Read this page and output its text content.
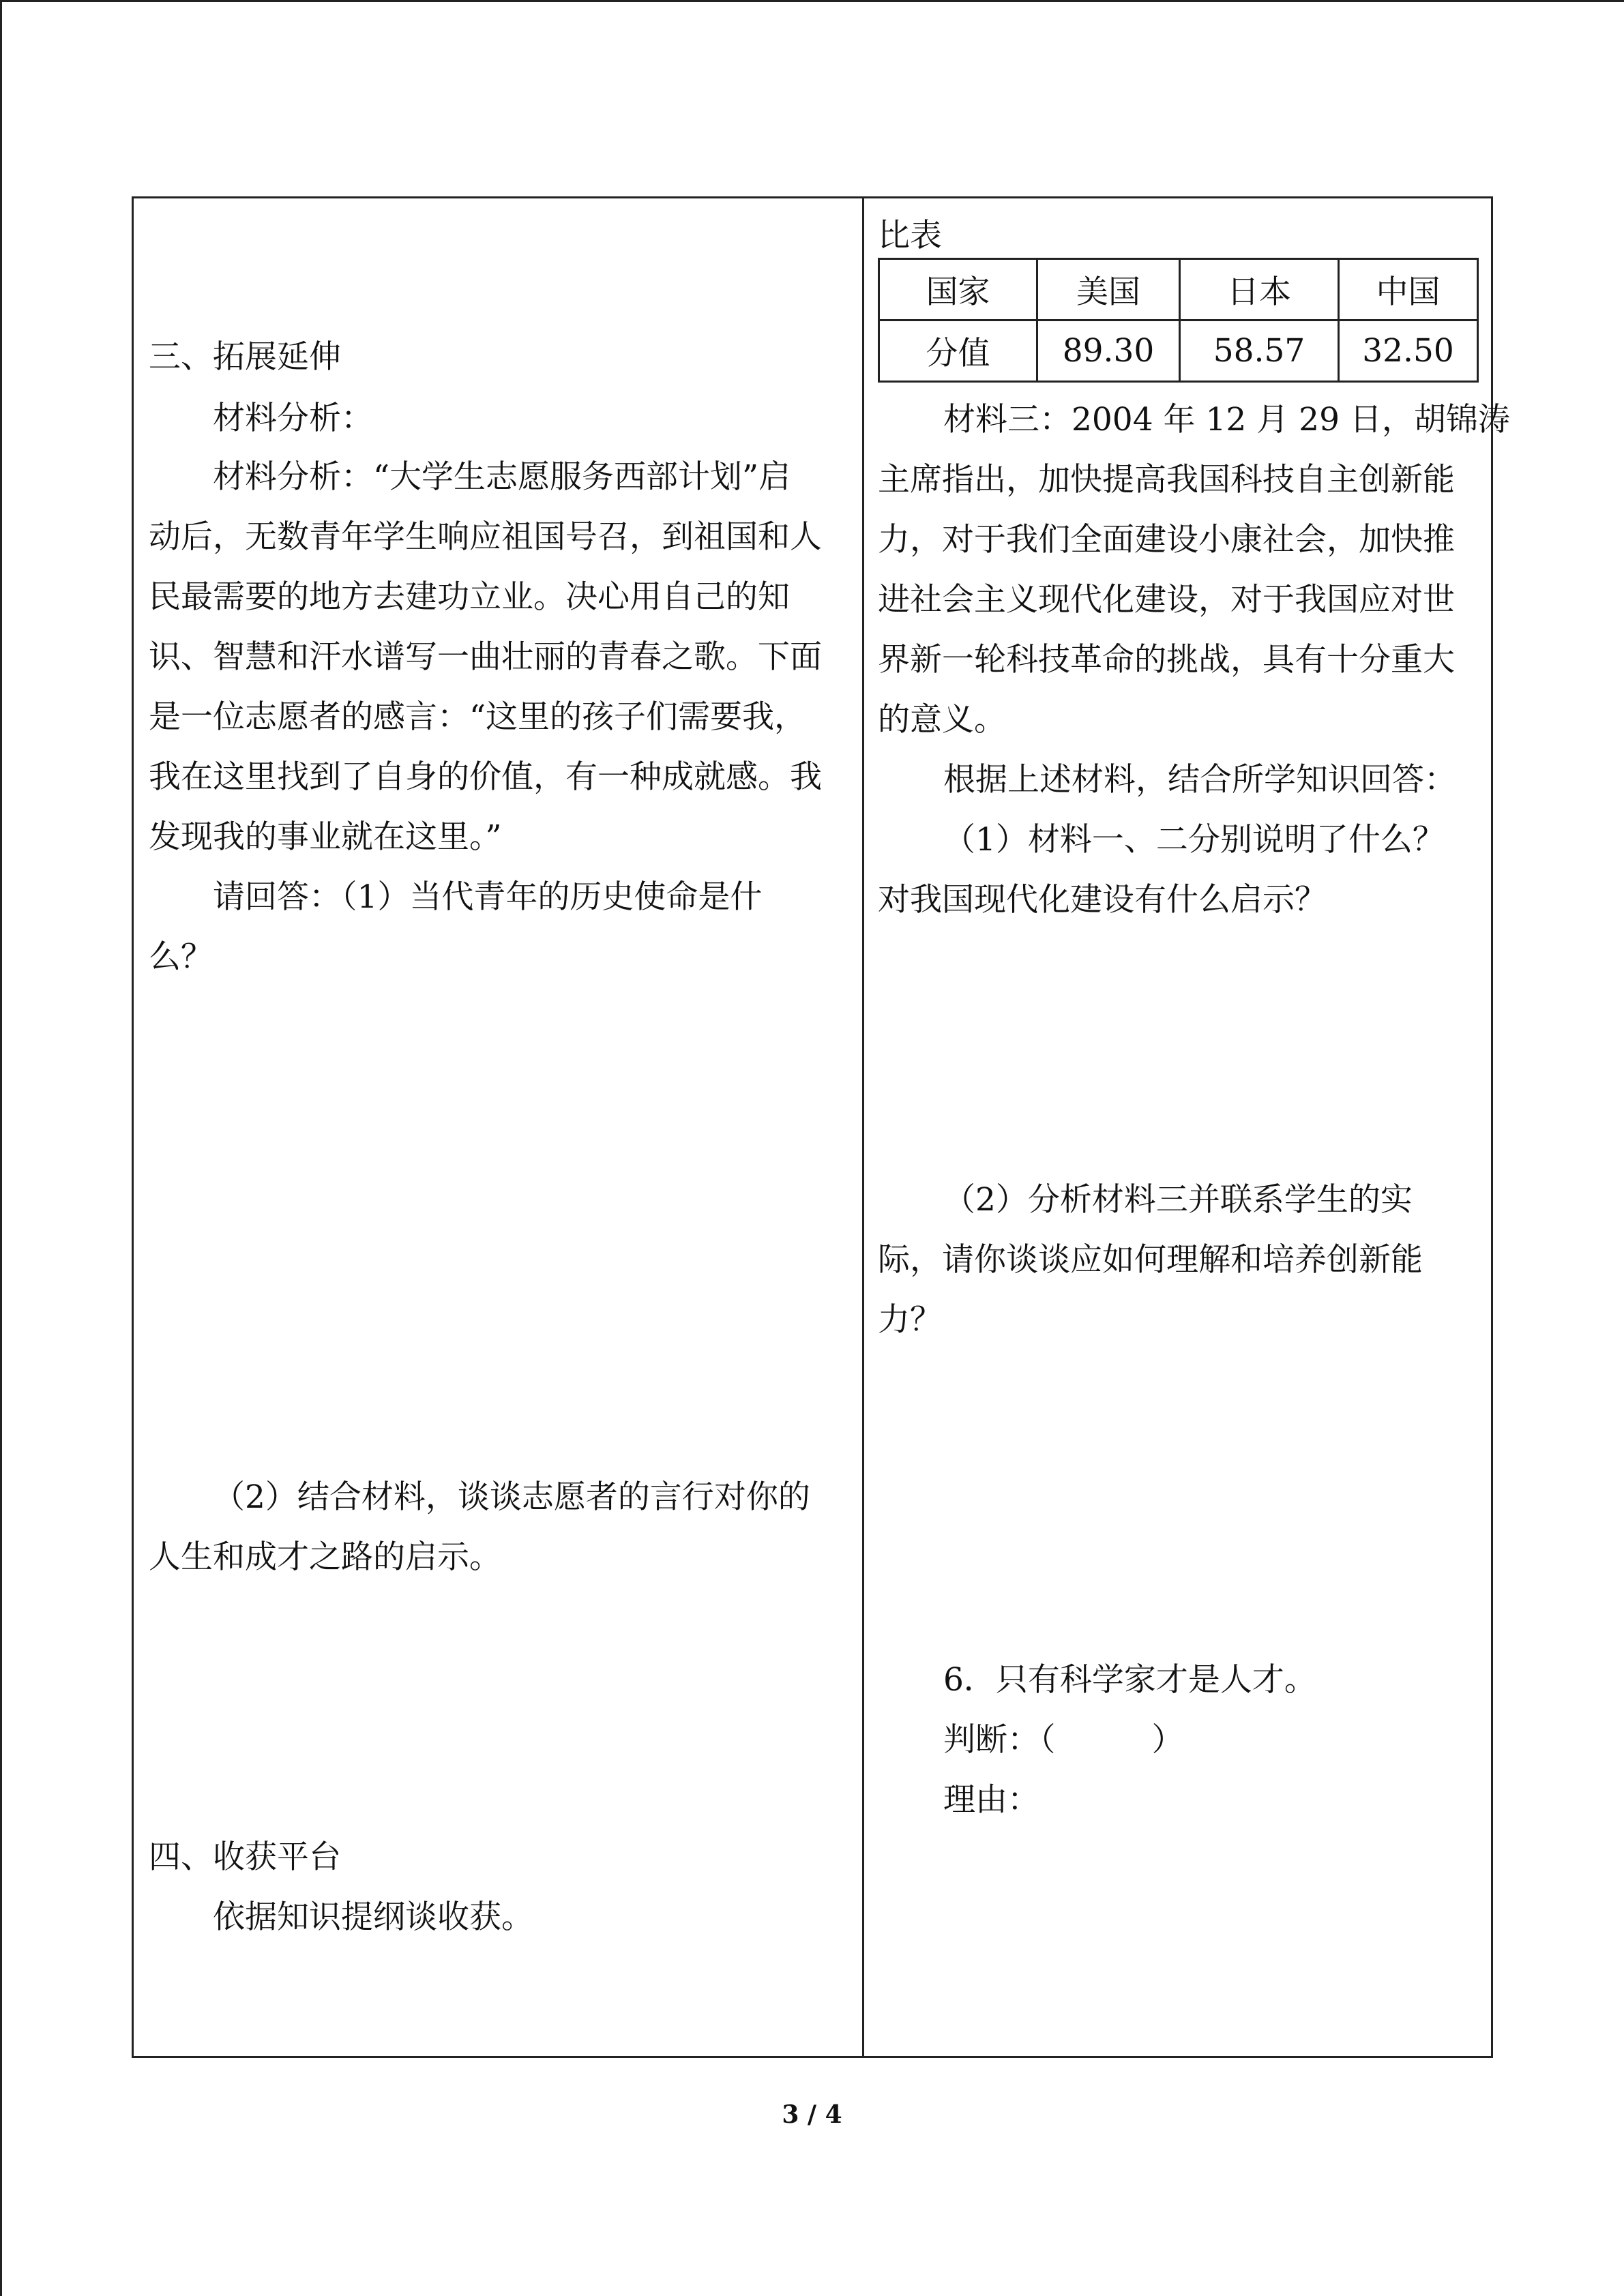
三、拓展延伸
材料分析：
材料分析：“大学生志愿服务西部计划”启
动后，无数青年学生响应祖国号召，到祖国和人
民最需要的地方去建功立业。决心用自己的知
识、智慧和汗水谱写一曲壮丽的青春之歌。下面
是一位志愿者的感言：“这里的孩子们需要我，
我在这里找到了自身的价值，有一种成就感。我
发现我的事业就在这里。”
请回答：（1）当代青年的历史使命是什
么？
（2）结合材料，谈谈志愿者的言行对你的
人生和成才之路的启示。
四、收获平台
依据知识提纲谈收获。
比表
国家	美国	日本	中国
分值	89.30	58.57	32.50
材料三：2004 年 12 月 29 日，胡锦涛
主席指出，加快提高我国科技自主创新能
力，对于我们全面建设小康社会，加快推
进社会主义现代化建设，对于我国应对世
界新一轮科技革命的挑战，具有十分重大
的意义。
根据上述材料，结合所学知识回答：
（1）材料一、二分别说明了什么？
对我国现代化建设有什么启示？
（2）分析材料三并联系学生的实
际，请你谈谈应如何理解和培养创新能
力？
6．只有科学家才是人才。
判断：（　　　）
理由：
3 / 4
